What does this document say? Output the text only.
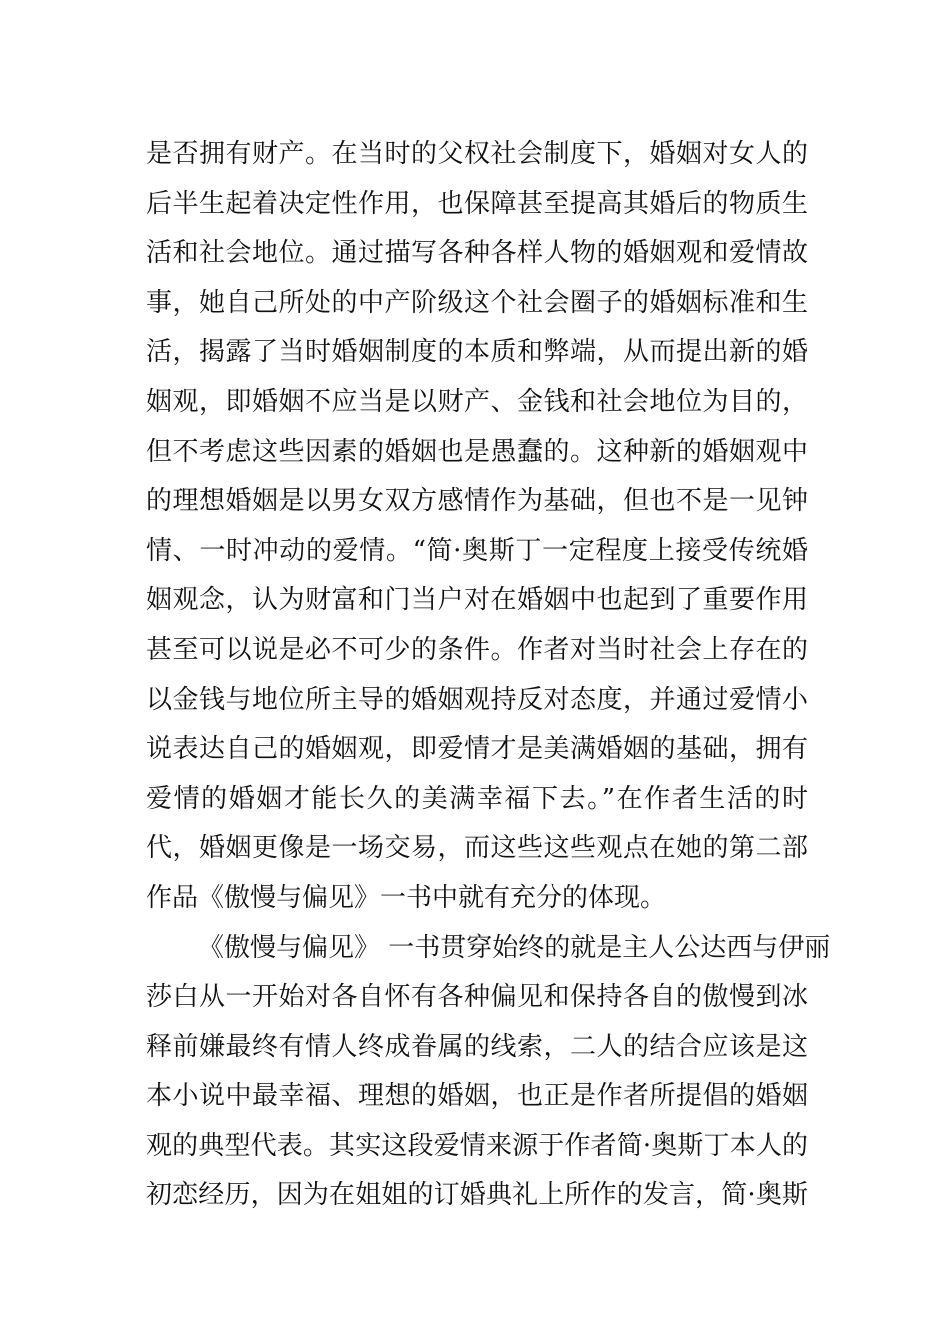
是否拥有财产。在当时的父权社会制度下，婚姻对女人的
后半生起着决定性作用，也保障甚至提高其婚后的物质生
活和社会地位。通过描写各种各样人物的婚姻观和爱情故
事，她自己所处的中产阶级这个社会圈子的婚姻标准和生
活，揭露了当时婚姻制度的本质和弊端，从而提出新的婚
姻观，即婚姻不应当是以财产、金钱和社会地位为目的，
但不考虑这些因素的婚姻也是愚蠢的。这种新的婚姻观中
的理想婚姻是以男女双方感情作为基础，但也不是一见钟
情、一时冲动的爱情。“简·奥斯丁一定程度上接受传统婚
姻观念，认为财富和门当户对在婚姻中也起到了重要作用
甚至可以说是必不可少的条件。作者对当时社会上存在的
以金钱与地位所主导的婚姻观持反对态度，并通过爱情小
说表达自己的婚姻观，即爱情才是美满婚姻的基础，拥有
爱情的婚姻才能长久的美满幸福下去。”在作者生活的时
代，婚姻更像是一场交易，而这些这些观点在她的第二部
作品《傲慢与偏见》一书中就有充分的体现。
《傲慢与偏见》 一书贯穿始终的就是主人公达西与伊丽
莎白从一开始对各自怀有各种偏见和保持各自的傲慢到冰
释前嫌最终有情人终成眷属的线索，二人的结合应该是这
本小说中最幸福、理想的婚姻，也正是作者所提倡的婚姻
观的典型代表。其实这段爱情来源于作者简·奥斯丁本人的
初恋经历，因为在姐姐的订婚典礼上所作的发言，简·奥斯
